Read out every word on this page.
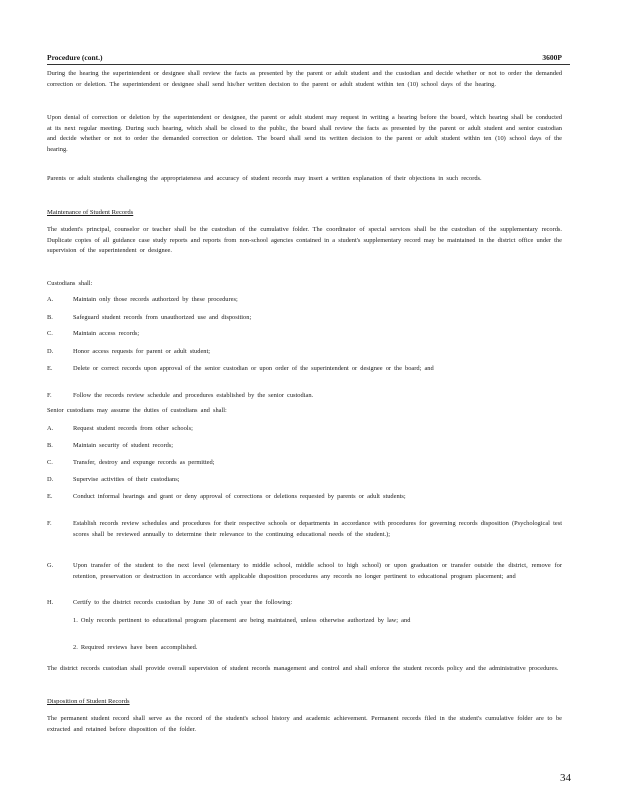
Procedure (cont.)	3600P
During the hearing the superintendent or designee shall review the facts as presented by the parent or adult student and the custodian and decide whether or not to order the demanded correction or deletion. The superintendent or designee shall send his/her written decision to the parent or adult student within ten (10) school days of the hearing.
Upon denial of correction or deletion by the superintendent or designee, the parent or adult student may request in writing a hearing before the board, which hearing shall be conducted at its next regular meeting. During such hearing, which shall be closed to the public, the board shall review the facts as presented by the parent or adult student and senior custodian and decide whether or not to order the demanded correction or deletion. The board shall send its written decision to the parent or adult student within ten (10) school days of the hearing.
Parents or adult students challenging the appropriateness and accuracy of student records may insert a written explanation of their objections in such records.
Maintenance of Student Records
The student's principal, counselor or teacher shall be the custodian of the cumulative folder. The coordinator of special services shall be the custodian of the supplementary records. Duplicate copies of all guidance case study reports and reports from non-school agencies contained in a student's supplementary record may be maintained in the district office under the supervision of the superintendent or designee.
Custodians shall:
A.	Maintain only those records authorized by these procedures;
B.	Safeguard student records from unauthorized use and disposition;
C.	Maintain access records;
D.	Honor access requests for parent or adult student;
E.	Delete or correct records upon approval of the senior custodian or upon order of the superintendent or designee or the board; and
F.	Follow the records review schedule and procedures established by the senior custodian.
Senior custodians may assume the duties of custodians and shall:
A.	Request student records from other schools;
B.	Maintain security of student records;
C.	Transfer, destroy and expunge records as permitted;
D.	Supervise activities of their custodians;
E.	Conduct informal hearings and grant or deny approval of corrections or deletions requested by parents or adult students;
F.	Establish records review schedules and procedures for their respective schools or departments in accordance with procedures for governing records disposition (Psychological test scores shall be reviewed annually to determine their relevance to the continuing educational needs of the student.);
G.	Upon transfer of the student to the next level (elementary to middle school, middle school to high school) or upon graduation or transfer outside the district, remove for retention, preservation or destruction in accordance with applicable disposition procedures any records no longer pertinent to educational program placement; and
H.	Certify to the district records custodian by June 30 of each year the following:
1. Only records pertinent to educational program placement are being maintained, unless otherwise authorized by law; and
2. Required reviews have been accomplished.
The district records custodian shall provide overall supervision of student records management and control and shall enforce the student records policy and the administrative procedures.
Disposition of Student Records
The permanent student record shall serve as the record of the student's school history and academic achievement. Permanent records filed in the student's cumulative folder are to be extracted and retained before disposition of the folder.
34
